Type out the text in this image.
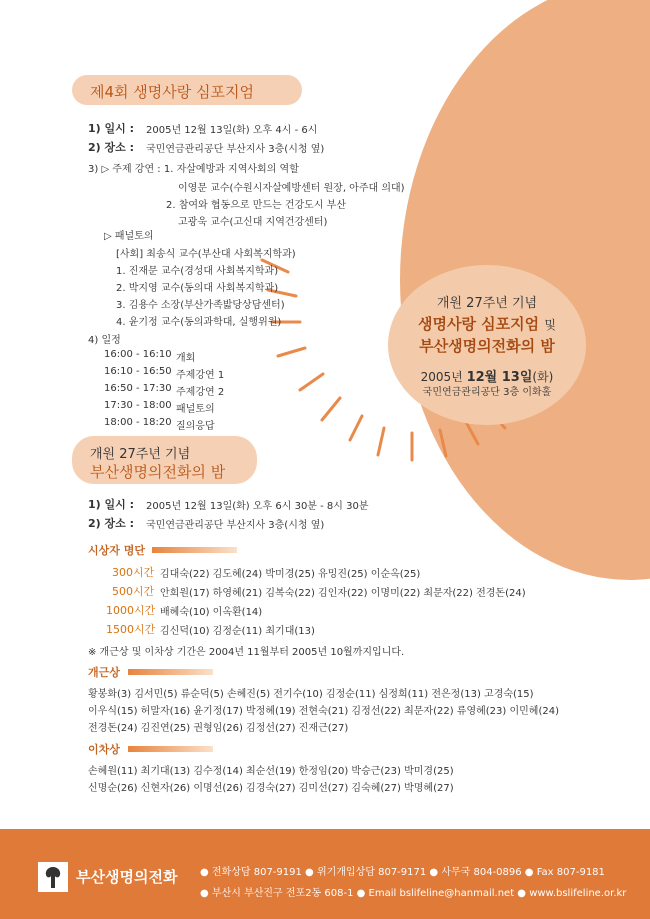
개원 27주년 기념
생명사랑 심포지엄 및
부산생명의전화의 밤
2005년 12월 13일(화)
국민연금관리공단 3층 이화홀
제4회 생명사랑 심포지엄
1) 일시 : 2005년 12월 13일(화) 오후 4시 - 6시
2) 장소 : 국민연금관리공단 부산지사 3층(시청 옆)
3) ▷ 주제 강연 : 1. 자살예방과 지역사회의 역할
이영문 교수(수원시자살예방센터 원장, 아주대 의대)
2. 참여와 협동으로 만드는 건강도시 부산
고광욱 교수(고신대 지역건강센터)
▷ 패널토의
[사회] 최송식 교수(부산대 사회복지학과)
1. 진재문 교수(경성대 사회복지학과)
2. 박지영 교수(동의대 사회복지학과)
3. 김용수 소장(부산가족밟당상담센터)
4. 윤기정 교수(동의과학대, 실행위원)
4) 일정
16:00 - 16:10 개회
16:10 - 16:50 주제강연 1
16:50 - 17:30 주제강연 2
17:30 - 18:00 패널토의
18:00 - 18:20 질의응답
개원 27주년 기념
부산생명의전화의 밤
1) 일시 : 2005년 12월 13일(화) 오후 6시 30분 - 8시 30분
2) 장소 : 국민연금관리공단 부산지사 3층(시청 옆)
시상자 명단
300시간 김대숙(22) 김도혜(24) 박미경(25) 유밍진(25) 이순옥(25)
500시간 안희원(17) 하영혜(21) 김복숙(22) 김인자(22) 이명미(22) 최문자(22) 전경돈(24)
1000시간 배혜숙(10) 이옥환(14)
1500시간 김신덕(10) 김정순(11) 최기대(13)
※ 개근상 및 이차상 기간은 2004년 11월부터 2005년 10월까지입니다.
개근상
황봉화(3) 김서민(5) 류순덕(5) 손혜진(5) 전기수(10) 김정순(11) 심정희(11) 전은정(13) 고경숙(15)
이우식(15) 허말자(16) 윤기정(17) 박정혜(19) 전현숙(21) 김정선(22) 최문자(22) 류영혜(23) 이민혜(24)
전경돈(24) 김진연(25) 권형임(26) 김정선(27) 진재근(27)
이차상
손혜원(11) 최기대(13) 김수정(14) 최순선(19) 한정임(20) 박승근(23) 박미경(25)
신명순(26) 신현자(26) 이명선(26) 김경숙(27) 김미선(27) 김숙혜(27) 박명혜(27)
부산생명의전화 ● 전화상담 807-9191 ● 위기개입상담 807-9171 ● 사무국 804-0896 ● Fax 807-9181
● 부산시 부산진구 전포2동 608-1 ● Email bslifeline@hanmail.net ● www.bslifeline.or.kr
